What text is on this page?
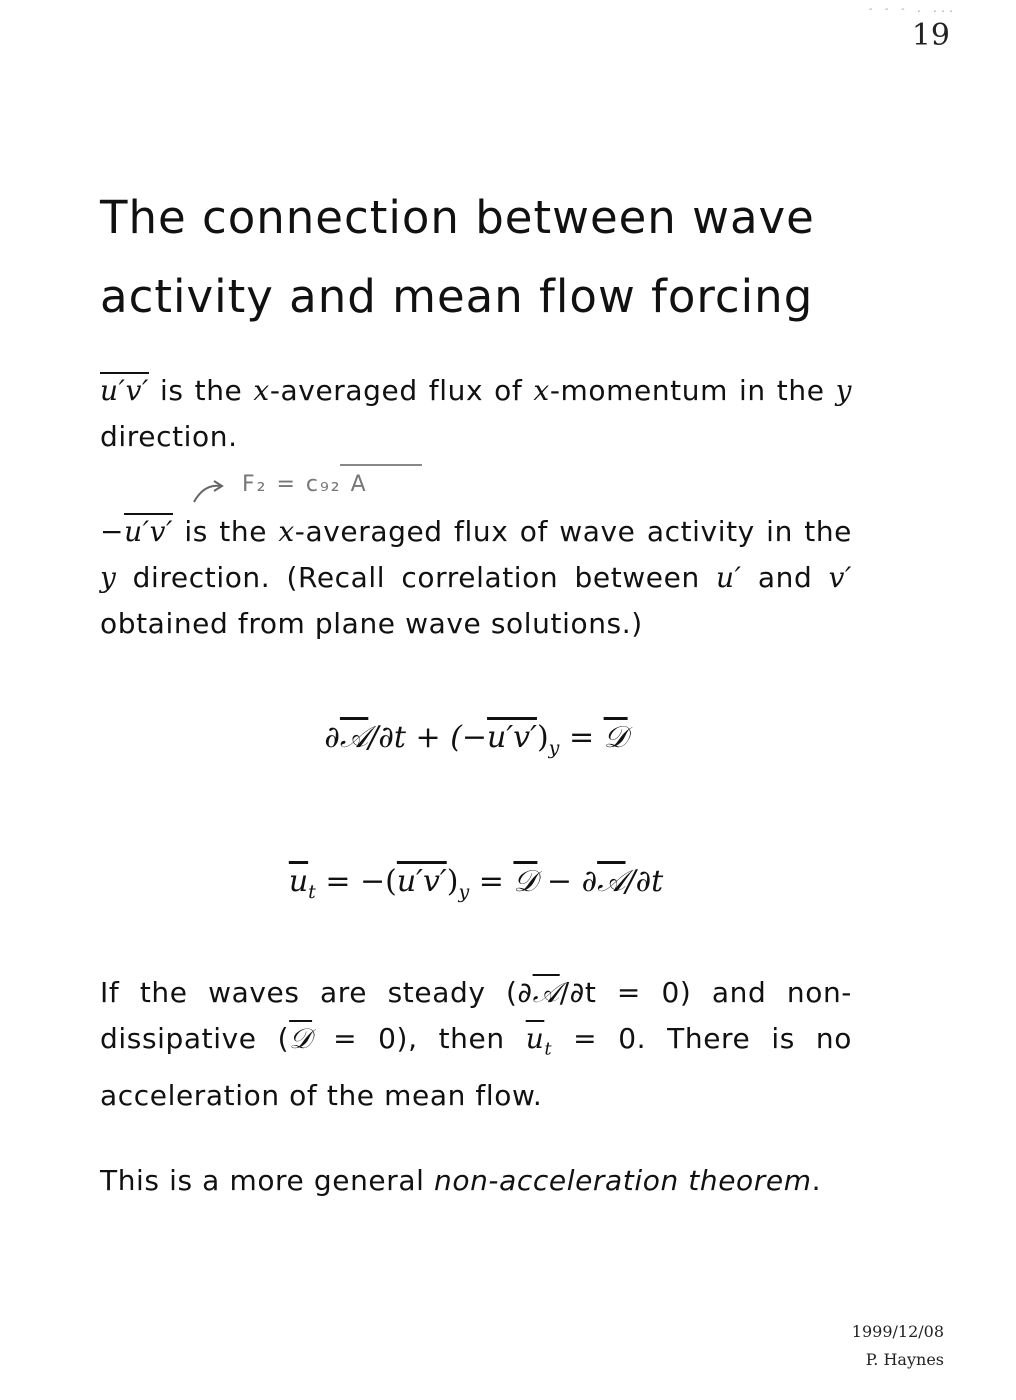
- - - . ...
19
The connection between wave
activity and mean flow forcing

u′v′ is the x-averaged flux of x-momentum in the y direction.

F₂ = c₉₂ A

−u′v′ is the x-averaged flux of wave activity in the y direction. (Recall correlation between u′ and v′ obtained from plane wave solutions.)

∂𝒜/∂t + $(-u'v')_y$ = 𝒟
$\overline{u}_t = -(u'v')_y$ = 𝒟 − ∂𝒜/∂t

If the waves are steady (∂𝒜/∂t = 0) and non-dissipative (𝒟 = 0), then $\overline{u}_t = 0$. There is no acceleration of the mean flow.

This is a more general non-acceleration theorem.

1999/12/08
P. Haynes
